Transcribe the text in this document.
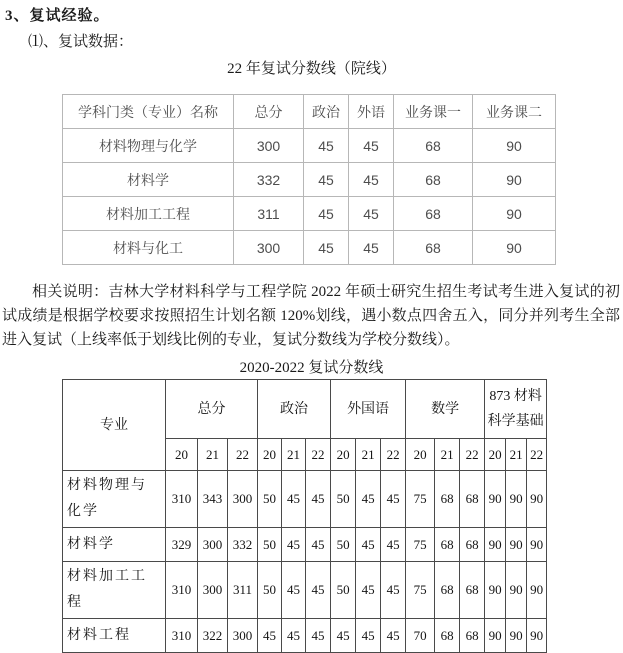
3、复试经验。
⑴、复试数据：
22 年复试分数线（院线）
学科门类（专业）名称	总分	政治	外语	业务课一	业务课二
材料物理与化学	300	45	45	68	90
材料学	332	45	45	68	90
材料加工工程	311	45	45	68	90
材料与化工	300	45	45	68	90
相关说明：吉林大学材料科学与工程学院 2022 年硕士研究生招生考试考生进入复试的初试成绩是根据学校要求按照招生计划名额 120%划线，遇小数点四舍五入，同分并列考生全部进入复试（上线率低于划线比例的专业，复试分数线为学校分数线）。
2020-2022 复试分数线
专业	总分			政治			外国语			数学			873 材料科学基础		
	20	21	22	20	21	22	20	21	22	20	21	22	20	21	22
材料物理与化学	310	343	300	50	45	45	50	45	45	75	68	68	90	90	90
材料学	329	300	332	50	45	45	50	45	45	75	68	68	90	90	90
材料加工工程	310	300	311	50	45	45	50	45	45	75	68	68	90	90	90
材料工程	310	322	300	45	45	45	45	45	45	70	68	68	90	90	90
